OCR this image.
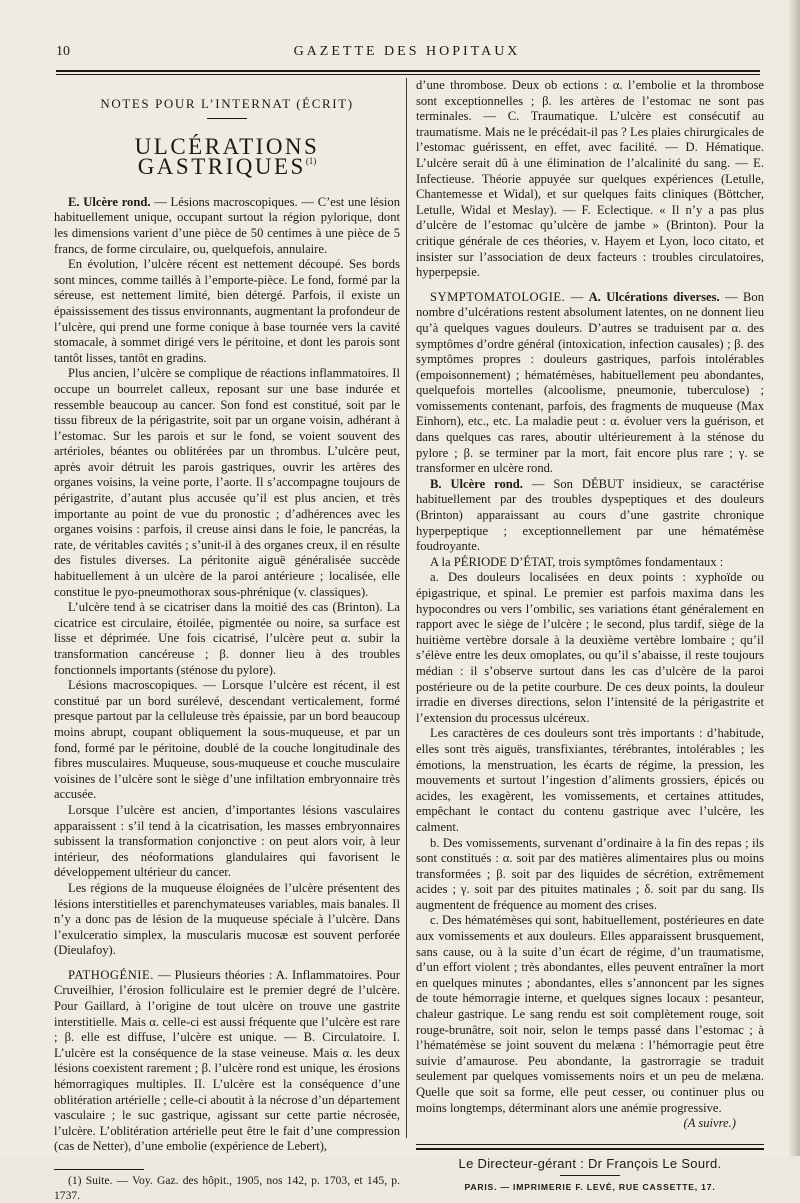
10	GAZETTE DES HOPITAUX
NOTES POUR L’INTERNAT (ÉCRIT)
ULCÉRATIONS GASTRIQUES$^{(1)}$

E. Ulcère rond. — Lésions macroscopiques. — C’est une lésion habituellement unique, occupant surtout la région pylorique, dont les dimensions varient d’une pièce de 50 centimes à une pièce de 5 francs, de forme circulaire, ou, quelquefois, annulaire.

En évolution, l’ulcère récent est nettement découpé. Ses bords sont minces, comme taillés à l’emporte-pièce. Le fond, formé par la séreuse, est nettement limité, bien détergé. Parfois, il existe un épaississement des tissus environnants, augmentant la profondeur de l’ulcère, qui prend une forme conique à base tournée vers la cavité stomacale, à sommet dirigé vers le péritoine, et dont les parois sont tantôt lisses, tantôt en gradins.

Plus ancien, l’ulcère se complique de réactions inflammatoires. Il occupe un bourrelet calleux, reposant sur une base indurée et ressemble beaucoup au cancer. Son fond est constitué, soit par le tissu fibreux de la périgastrite, soit par un organe voisin, adhérant à l’estomac. Sur les parois et sur le fond, se voient souvent des artérioles, béantes ou oblitérées par un thrombus. L’ulcère peut, après avoir détruit les parois gastriques, ouvrir les artères des organes voisins, la veine porte, l’aorte. Il s’accompagne toujours de périgastrite, d’autant plus accusée qu’il est plus ancien, et très importante au point de vue du pronostic ; d’adhérences avec les organes voisins : parfois, il creuse ainsi dans le foie, le pancréas, la rate, de véritables cavités ; s’unit-il à des organes creux, il en résulte des fistules diverses. La péritonite aiguë généralisée succède habituellement à un ulcère de la paroi antérieure ; localisée, elle constitue le pyo-pneumothorax sous-phrénique (v. classiques).

L’ulcère tend à se cicatriser dans la moitié des cas (Brinton). La cicatrice est circulaire, étoilée, pigmentée ou noire, sa surface est lisse et déprimée. Une fois cicatrisé, l’ulcère peut α. subir la transformation cancéreuse ; β. donner lieu à des troubles fonctionnels importants (sténose du pylore).

Lésions macroscopiques. — Lorsque l’ulcère est récent, il est constitué par un bord surélevé, descendant verticalement, formé presque partout par la celluleuse très épaissie, par un bord beaucoup moins abrupt, coupant obliquement la sous-muqueuse, et par un fond, formé par le péritoine, doublé de la couche longitudinale des fibres musculaires. Muqueuse, sous-muqueuse et couche musculaire voisines de l’ulcère sont le siège d’une infiltation embryonnaire très accusée.

Lorsque l’ulcère est ancien, d’importantes lésions vasculaires apparaissent : s’il tend à la cicatrisation, les masses embryonnaires subissent la transformation conjonctive : on peut alors voir, à leur intérieur, des néoformations glandulaires qui favorisent le développement ultérieur du cancer.

Les régions de la muqueuse éloignées de l’ulcère présentent des lésions interstitielles et parenchymateuses variables, mais banales. Il n’y a donc pas de lésion de la muqueuse spéciale à l’ulcère. Dans l’exulceratio simplex, la muscularis mucosæ est souvent perforée (Dieulafoy).

PATHOGÉNIE. — Plusieurs théories : A. Inflammatoires. Pour Cruveilhier, l’érosion folliculaire est le premier degré de l’ulcère. Pour Gaillard, à l’origine de tout ulcère on trouve une gastrite interstitielle. Mais α. celle-ci est aussi fréquente que l’ulcère est rare ; β. elle est diffuse, l’ulcère est unique. — B. Circulatoire. I. L’ulcère est la conséquence de la stase veineuse. Mais α. les deux lésions coexistent rarement ; β. l’ulcère rond est unique, les érosions hémorragiques multiples. II. L’ulcère est la conséquence d’une oblitération artérielle ; celle-ci aboutit à la nécrose d’un département vasculaire ; le suc gastrique, agissant sur cette partie nécrosée, l’ulcère. L’oblitération artérielle peut être le fait d’une compression (cas de Netter), d’une embolie (expérience de Lebert),

(1) Suite. — Voy. Gaz. des hôpit., 1905, nos 142, p. 1703, et 145, p. 1737.

d’une thrombose. Deux ob ections : α. l’embolie et la thrombose sont exceptionnelles ; β. les artères de l’estomac ne sont pas terminales. — C. Traumatique. L’ulcère est consécutif au traumatisme. Mais ne le précédait-il pas ? Les plaies chirurgicales de l’estomac guérissent, en effet, avec facilité. — D. Hématique. L’ulcère serait dû à une élimination de l’alcalinité du sang. — E. Infectieuse. Théorie appuyée sur quelques expériences (Letulle, Chantemesse et Widal), et sur quelques faits cliniques (Böttcher, Letulle, Widal et Meslay). — F. Eclectique. « Il n’y a pas plus d’ulcère de l’estomac qu’ulcère de jambe » (Brinton). Pour la critique générale de ces théories, v. Hayem et Lyon, loco citato, et insister sur l’association de deux facteurs : troubles circulatoires, hyperpepsie.

SYMPTOMATOLOGIE. — A. Ulcérations diverses. — Bon nombre d’ulcérations restent absolument latentes, on ne donnent lieu qu’à quelques vagues douleurs. D’autres se traduisent par α. des symptômes d’ordre général (intoxication, infection causales) ; β. des symptômes propres : douleurs gastriques, parfois intolérables (empoisonnement) ; hématémèses, habituellement peu abondantes, quelquefois mortelles (alcoolisme, pneumonie, tuberculose) ; vomissements contenant, parfois, des fragments de muqueuse (Max Einhorn), etc., etc. La maladie peut : α. évoluer vers la guérison, et dans quelques cas rares, aboutir ultérieurement à la sténose du pylore ; β. se terminer par la mort, fait encore plus rare ; γ. se transformer en ulcère rond.

B. Ulcère rond. — Son DÉBUT insidieux, se caractérise habituellement par des troubles dyspeptiques et des douleurs (Brinton) apparaissant au cours d’une gastrite chronique hyperpeptique ; exceptionnellement par une hématémèse foudroyante.

A la PÉRIODE D’ÉTAT, trois symptômes fondamentaux :

a. Des douleurs localisées en deux points : xyphoïde ou épigastrique, et spinal. Le premier est parfois maxima dans les hypocondres ou vers l’ombilic, ses variations étant généralement en rapport avec le siège de l’ulcère ; le second, plus tardif, siège de la huitième vertèbre dorsale à la deuxième vertèbre lombaire ; qu’il s’élève entre les deux omoplates, ou qu’il s’abaisse, il reste toujours médian : il s’observe surtout dans les cas d’ulcère de la paroi postérieure ou de la petite courbure. De ces deux points, la douleur irradie en diverses directions, selon l’intensité de la périgastrite et l’extension du processus ulcéreux.

Les caractères de ces douleurs sont très importants : d’habitude, elles sont très aiguës, transfixiantes, térébrantes, intolérables ; les émotions, la menstruation, les écarts de régime, la pression, les mouvements et surtout l’ingestion d’aliments grossiers, épicés ou acides, les exagèrent, les vomissements, et certaines attitudes, empêchant le contact du contenu gastrique avec l’ulcère, les calment.

b. Des vomissements, survenant d’ordinaire à la fin des repas ; ils sont constitués : α. soit par des matières alimentaires plus ou moins transformées ; β. soit par des liquides de sécrétion, extrêmement acides ; γ. soit par des pituites matinales ; δ. soit par du sang. Ils augmentent de fréquence au moment des crises.

c. Des hématémèses qui sont, habituellement, postérieures en date aux vomissements et aux douleurs. Elles apparaissent brusquement, sans cause, ou à la suite d’un écart de régime, d’un traumatisme, d’un effort violent ; très abondantes, elles peuvent entraîner la mort en quelques minutes ; abondantes, elles s’annoncent par les signes de toute hémorragie interne, et quelques signes locaux : pesanteur, chaleur gastrique. Le sang rendu est soit complètement rouge, soit rouge-brunâtre, soit noir, selon le temps passé dans l’estomac ; à l’hématémèse se joint souvent du melæna : l’hémorragie peut être suivie d’amaurose. Peu abondante, la gastrorragie se traduit seulement par quelques vomissements noirs et un peu de melæna. Quelle que soit sa forme, elle peut cesser, ou continuer plus ou moins longtemps, déterminant alors une anémie progressive.

(A suivre.)
Le Directeur-gérant : Dr François Le Sourd.
PARIS. — IMPRIMERIE F. LEVÉ, RUE CASSETTE, 17.
